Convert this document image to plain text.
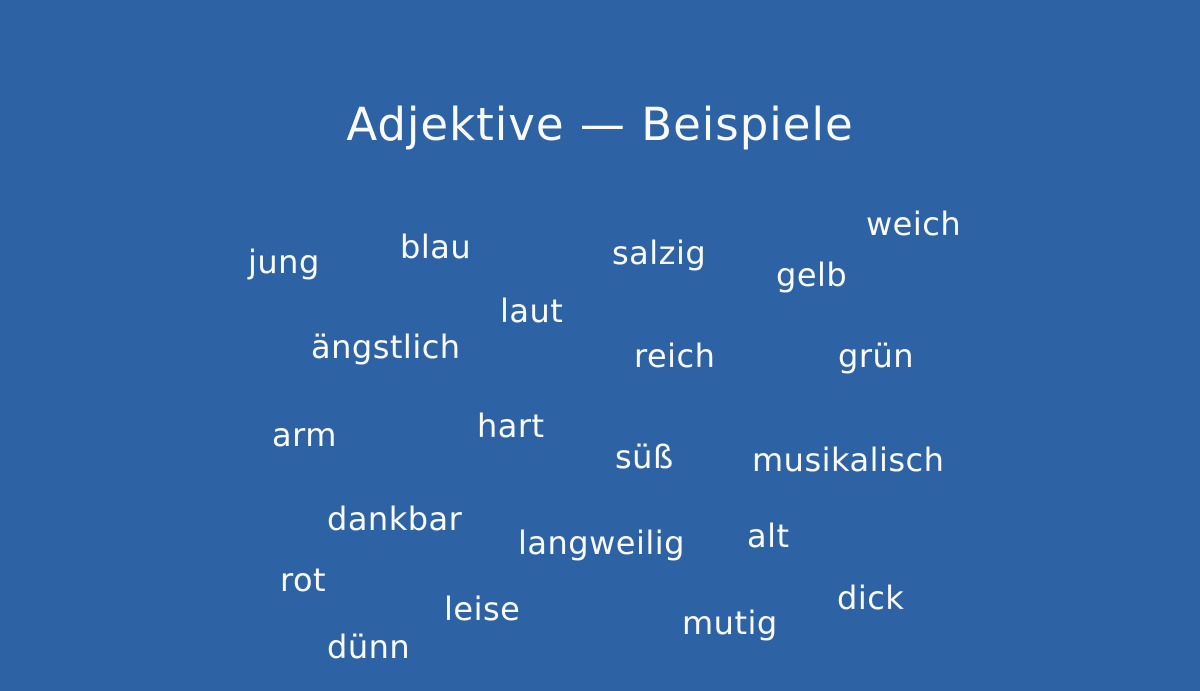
Adjektive — Beispiele
jung	blau	salzig
weich
gelb
laut
ängstlich	reich	grün
arm	hart
süß musikalisch
dankbar
langweilig alt
rot	dick
leise	mutig
dünn
